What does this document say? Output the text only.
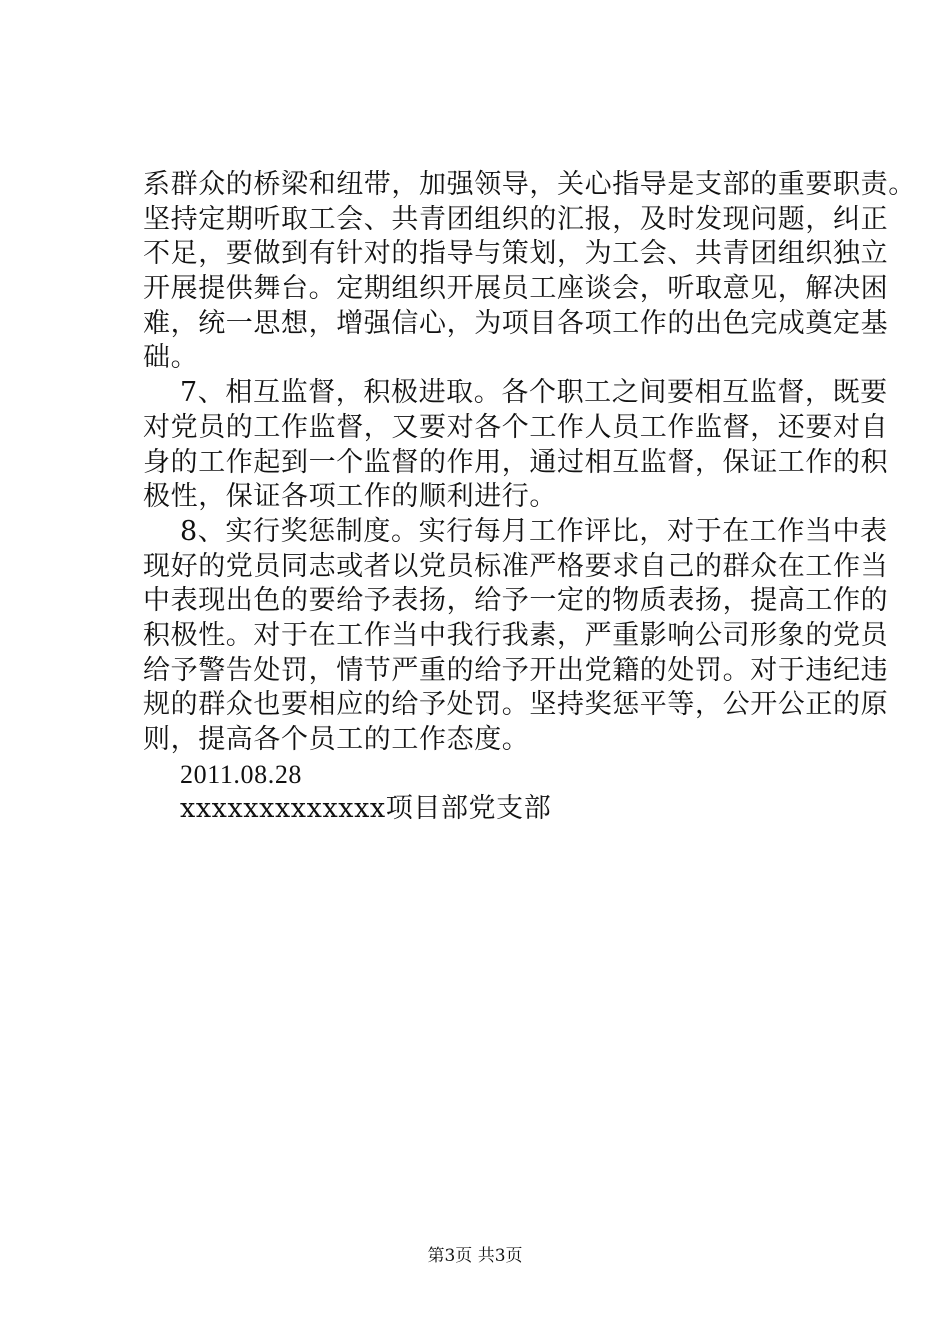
系群众的桥梁和纽带，加强领导，关心指导是支部的重要职责。
坚持定期听取工会、共青团组织的汇报，及时发现问题，纠正
不足，要做到有针对的指导与策划，为工会、共青团组织独立
开展提供舞台。定期组织开展员工座谈会，听取意见，解决困
难，统一思想，增强信心，为项目各项工作的出色完成奠定基
础。
7、相互监督，积极进取。各个职工之间要相互监督，既要
对党员的工作监督，又要对各个工作人员工作监督，还要对自
身的工作起到一个监督的作用，通过相互监督，保证工作的积
极性，保证各项工作的顺利进行。
8、实行奖惩制度。实行每月工作评比，对于在工作当中表
现好的党员同志或者以党员标准严格要求自己的群众在工作当
中表现出色的要给予表扬，给予一定的物质表扬，提高工作的
积极性。对于在工作当中我行我素，严重影响公司形象的党员
给予警告处罚，情节严重的给予开出党籍的处罚。对于违纪违
规的群众也要相应的给予处罚。坚持奖惩平等，公开公正的原
则，提高各个员工的工作态度。
2011.08.28
xxxxxxxxxxxxx项目部党支部
第3页 共3页
